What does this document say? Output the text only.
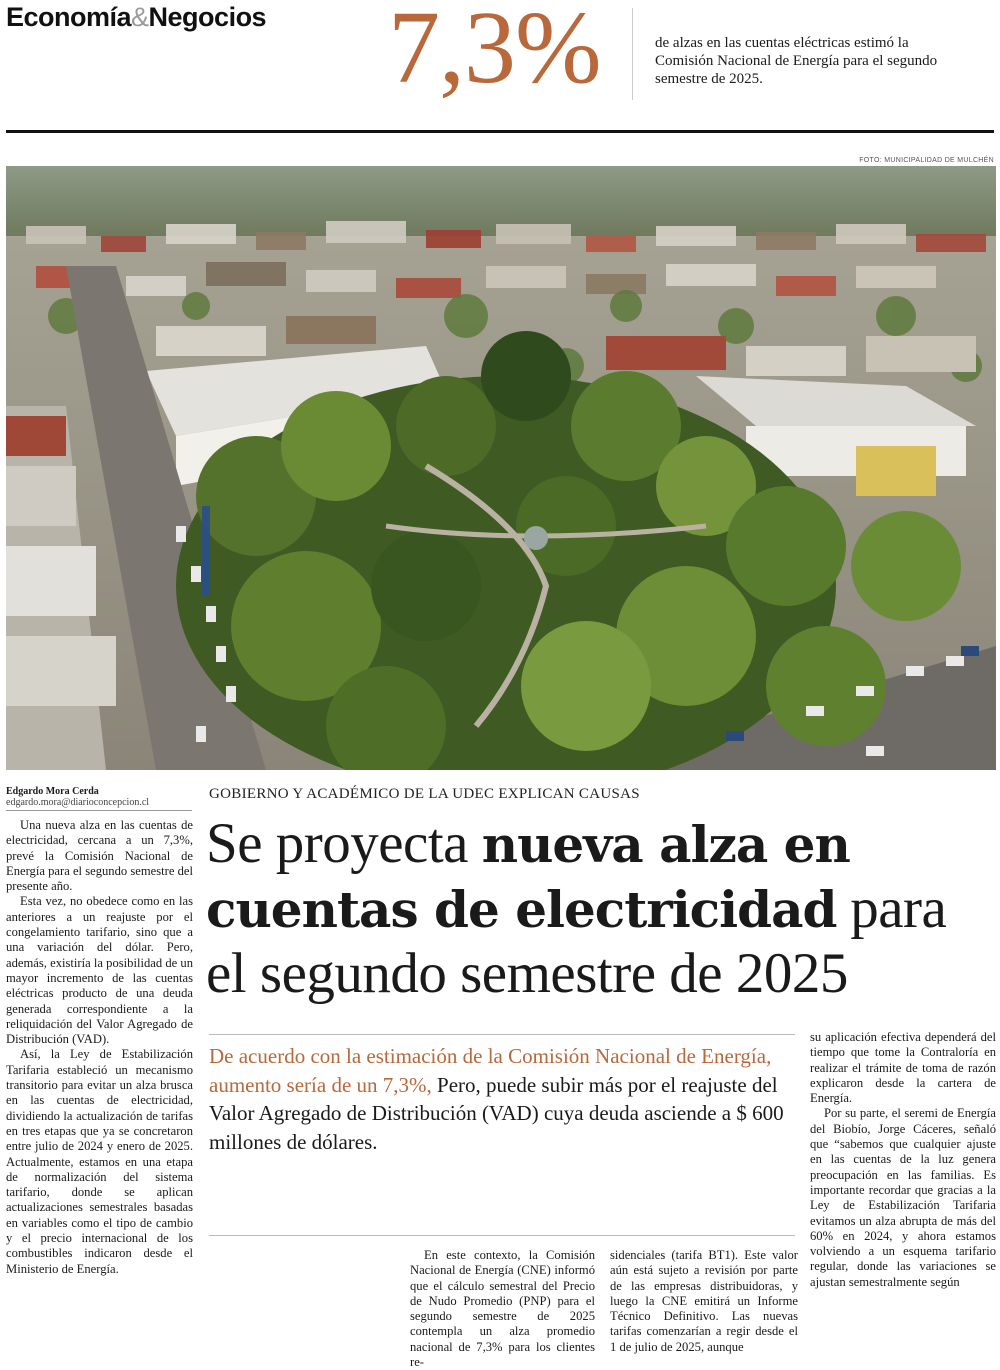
Economía&Negocios 7,3%	de alzas en las cuentas eléctricas estimó la Comisión Nacional de Energía para el segundo semestre de 2025.
FOTO: MUNICIPALIDAD DE MULCHÉN
Edgardo Mora Cerda
edgardo.mora@diarioconcepcion.cl
GOBIERNO Y ACADÉMICO DE LA UDEC EXPLICAN CAUSAS
Se proyecta nueva alza en cuentas de electricidad para el segundo semestre de 2025

Una nueva alza en las cuentas de electricidad, cercana a un 7,3%, prevé la Comisión Nacional de Energía para el segundo semestre del presente año.

Esta vez, no obedece como en las anteriores a un reajuste por el congelamiento tarifario, sino que a una variación del dólar. Pero, además, existiría la posibilidad de un mayor incremento de las cuentas eléctricas producto de una deuda generada correspondiente a la reliquidación del Valor Agregado de Distribución (VAD).

Así, la Ley de Estabilización Tarifaria estableció un mecanismo transitorio para evitar un alza brusca en las cuentas de electricidad, dividiendo la actualización de tarifas en tres etapas que ya se concretaron entre julio de 2024 y enero de 2025. Actualmente, estamos en una etapa de normalización del sistema tarifario, donde se aplican actualizaciones semestrales basadas en variables como el tipo de cambio y el precio internacional de los combustibles indicaron desde el Ministerio de Energía.

De acuerdo con la estimación de la Comisión Nacional de Energía, aumento sería de un 7,3%, Pero, puede subir más por el reajuste del Valor Agregado de Distribución (VAD) cuya deuda asciende a $ 600 millones de dólares.

En este contexto, la Comisión Nacional de Energía (CNE) informó que el cálculo semestral del Precio de Nudo Promedio (PNP) para el segundo semestre de 2025 contempla un alza promedio nacional de 7,3% para los clientes re-

sidenciales (tarifa BT1). Este valor aún está sujeto a revisión por parte de las empresas distribuidoras, y luego la CNE emitirá un Informe Técnico Definitivo. Las nuevas tarifas comenzarían a regir desde el 1 de julio de 2025, aunque

su aplicación efectiva dependerá del tiempo que tome la Contraloría en realizar el trámite de toma de razón explicaron desde la cartera de Energía.

Por su parte, el seremi de Energía del Biobío, Jorge Cáceres, señaló que “sabemos que cualquier ajuste en las cuentas de la luz genera preocupación en las familias. Es importante recordar que gracias a la Ley de Estabilización Tarifaria evitamos un alza abrupta de más del 60% en 2024, y ahora estamos volviendo a un esquema tarifario regular, donde las variaciones se ajustan semestralmente según
